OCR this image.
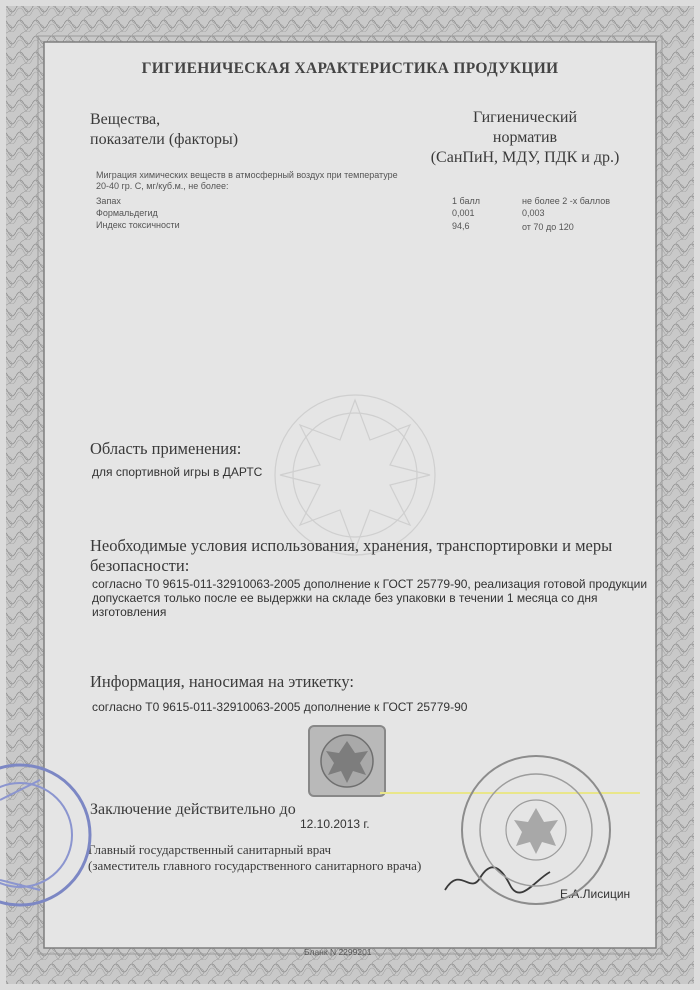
ГИГИЕНИЧЕСКАЯ ХАРАКТЕРИСТИКА ПРОДУКЦИИ
Вещества,
показатели (факторы)
Гигиенический
норматив
(СанПиН, МДУ, ПДК и др.)
Миграция химических веществ в атмосферный воздух при температуре
20-40 гр. С, мг/куб.м., не более:
Запах	1 балл	не более 2 -х баллов
Формальдегид	0,001	0,003
Индекс токсичности	94,6	от 70 до 120
Область применения:
для спортивной игры в ДАРТС
Необходимые условия использования, хранения, транспортировки и меры
безопасности:
согласно Т0 9615-011-32910063-2005 дополнение к ГОСТ 25779-90, реализация готовой продукции
допускается только после ее выдержки на складе без упаковки в течении 1 месяца со дня
изготовления
Информация, наносимая на этикетку:
согласно Т0 9615-011-32910063-2005 дополнение к ГОСТ 25779-90
Заключение действительно до
12.10.2013 г.
Главный государственный санитарный врач
(заместитель главного государственного санитарного врача)
Е.А.Лисицин
Бланк N 2299201
